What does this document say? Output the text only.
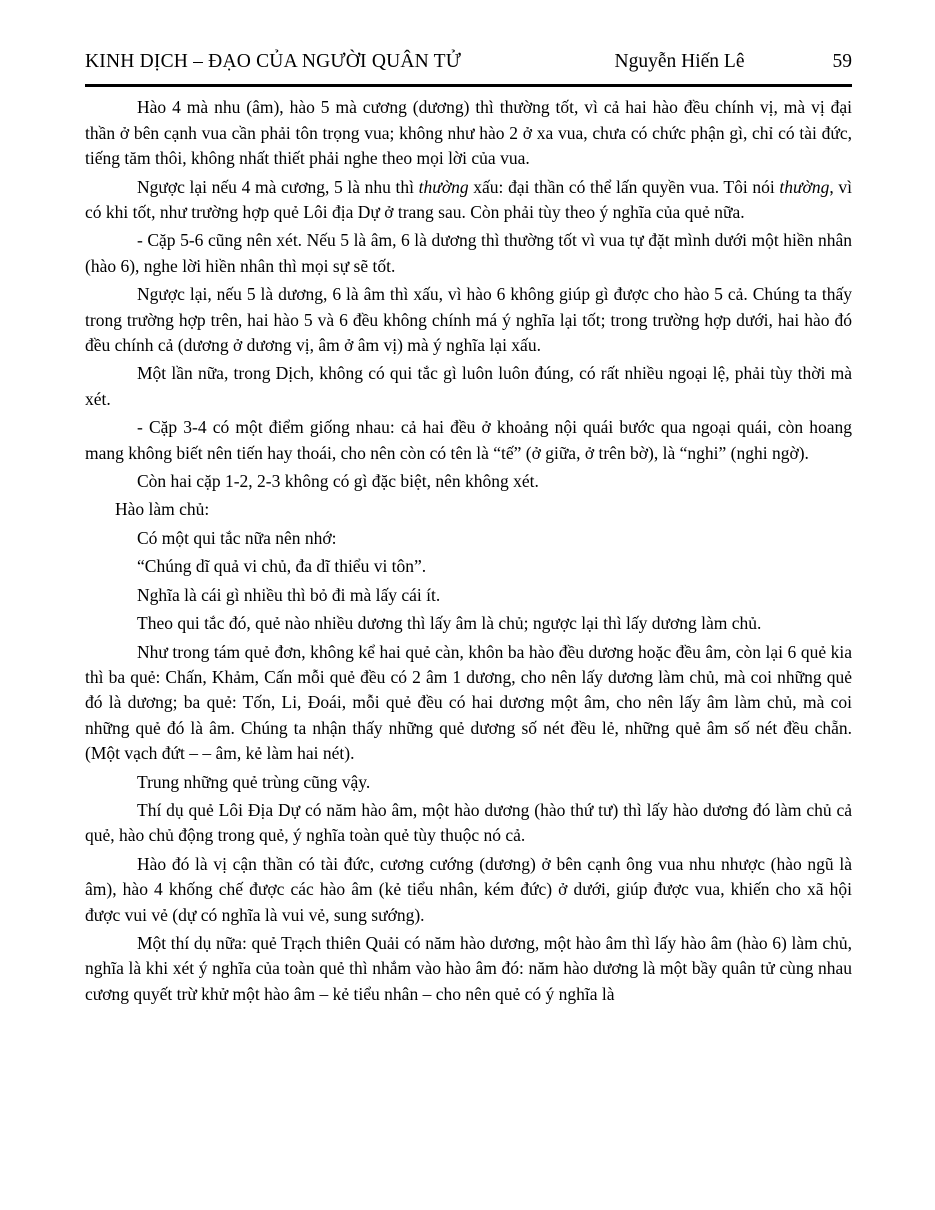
KINH DỊCH – ĐẠO CỦA NGƯỜI QUÂN TỬ	Nguyễn Hiến Lê	59

Hào 4 mà nhu (âm), hào 5 mà cương (dương) thì thường tốt, vì cả hai hào đều chính vị, mà vị đại thần ở bên cạnh vua cần phải tôn trọng vua; không như hào 2 ở xa vua, chưa có chức phận gì, chỉ có tài đức, tiếng tăm thôi, không nhất thiết phải nghe theo mọi lời của vua.

Ngược lại nếu 4 mà cương, 5 là nhu thì thường xấu: đại thần có thể lấn quyền vua. Tôi nói thường, vì có khi tốt, như trường hợp quẻ Lôi địa Dự ở trang sau. Còn phải tùy theo ý nghĩa của quẻ nữa.

- Cặp 5-6 cũng nên xét. Nếu 5 là âm, 6 là dương thì thường tốt vì vua tự đặt mình dưới một hiền nhân (hào 6), nghe lời hiền nhân thì mọi sự sẽ tốt.

Ngược lại, nếu 5 là dương, 6 là âm thì xấu, vì hào 6 không giúp gì được cho hào 5 cả. Chúng ta thấy trong trường hợp trên, hai hào 5 và 6 đều không chính má ý nghĩa lại tốt; trong trường hợp dưới, hai hào đó đều chính cả (dương ở dương vị, âm ở âm vị) mà ý nghĩa lại xấu.

Một lần nữa, trong Dịch, không có qui tắc gì luôn luôn đúng, có rất nhiều ngoại lệ, phải tùy thời mà xét.

- Cặp 3-4 có một điểm giống nhau: cả hai đều ở khoảng nội quái bước qua ngoại quái, còn hoang mang không biết nên tiến hay thoái, cho nên còn có tên là “tế” (ở giữa, ở trên bờ), là “nghi” (nghi ngờ).

Còn hai cặp 1-2, 2-3 không có gì đặc biệt, nên không xét.

Hào làm chủ:

Có một qui tắc nữa nên nhớ:

“Chúng dĩ quả vi chủ, đa dĩ thiểu vi tôn”.

Nghĩa là cái gì nhiều thì bỏ đi mà lấy cái ít.

Theo qui tắc đó, quẻ nào nhiều dương thì lấy âm là chủ; ngược lại thì lấy dương làm chủ.

Như trong tám quẻ đơn, không kể hai quẻ càn, khôn ba hào đều dương hoặc đều âm, còn lại 6 quẻ kia thì ba quẻ: Chấn, Khảm, Cấn mỗi quẻ đều có 2 âm 1 dương, cho nên lấy dương làm chủ, mà coi những quẻ đó là dương; ba quẻ: Tốn, Li, Đoái, mỗi quẻ đều có hai dương một âm, cho nên lấy âm làm chủ, mà coi những quẻ đó là âm. Chúng ta nhận thấy những quẻ dương số nét đều lẻ, những quẻ âm số nét đều chẵn. (Một vạch đứt – – âm, kẻ làm hai nét).

Trung những quẻ trùng cũng vậy.

Thí dụ quẻ Lôi Địa Dự có năm hào âm, một hào dương (hào thứ tư) thì lấy hào dương đó làm chủ cả quẻ, hào chủ động trong quẻ, ý nghĩa toàn quẻ tùy thuộc nó cả.

Hào đó là vị cận thần có tài đức, cương cướng (dương) ở bên cạnh ông vua nhu nhược (hào ngũ là âm), hào 4 khống chế được các hào âm (kẻ tiểu nhân, kém đức) ở dưới, giúp được vua, khiến cho xã hội được vui vẻ (dự có nghĩa là vui vẻ, sung sướng).

Một thí dụ nữa: quẻ Trạch thiên Quải có năm hào dương, một hào âm thì lấy hào âm (hào 6) làm chủ, nghĩa là khi xét ý nghĩa của toàn quẻ thì nhắm vào hào âm đó: năm hào dương là một bầy quân tử cùng nhau cương quyết trừ khử một hào âm – kẻ tiểu nhân – cho nên quẻ có ý nghĩa là
